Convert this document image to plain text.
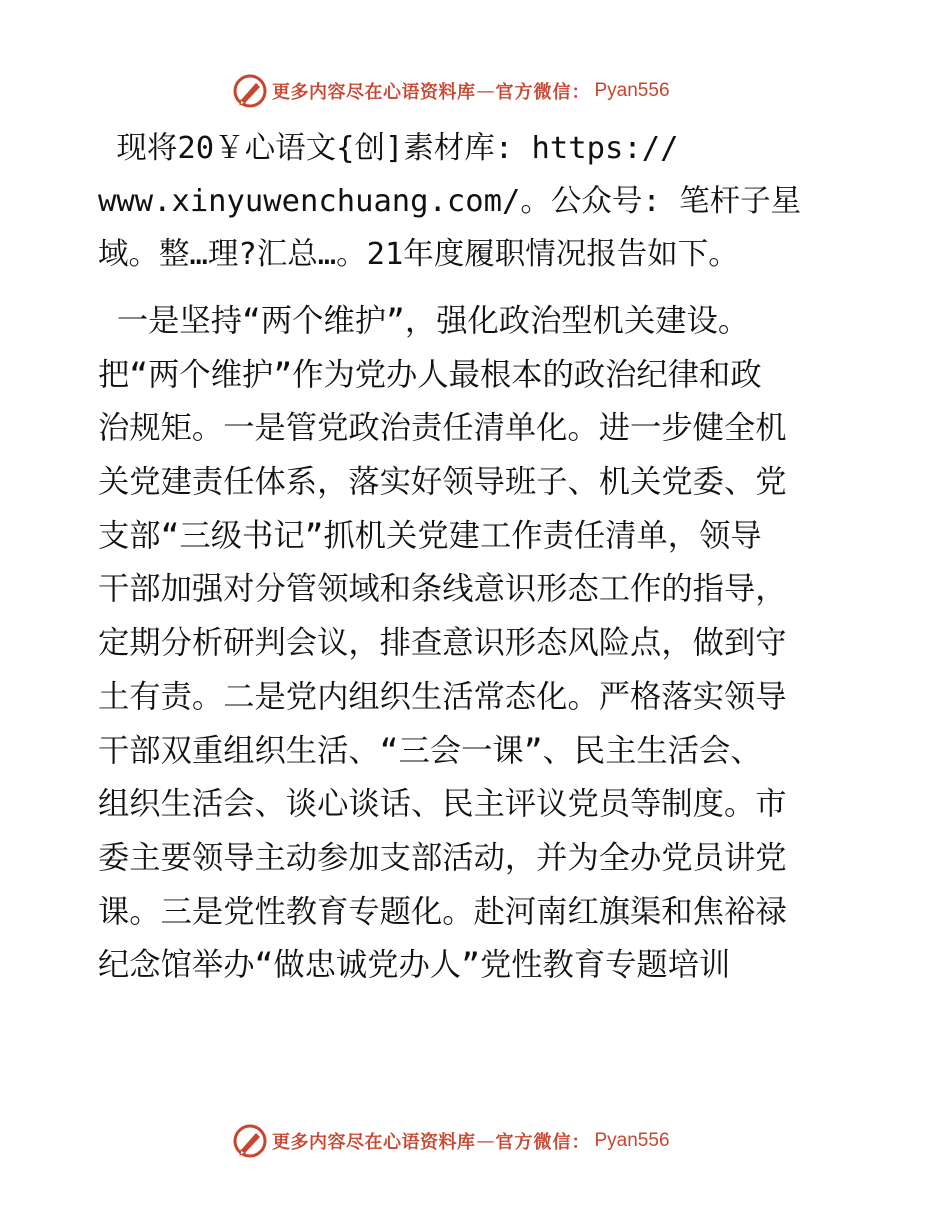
更多内容尽在心语资料库 — 官方微信： Pyan556
现将20￥心语文{创]素材库: https://
www.xinyuwenchuang.com/。公众号: 笔杆子星
域。整…理?汇总…。21年度履职情况报告如下。
一是坚持“两个维护”，强化政治型机关建设。
把“两个维护”作为党办人最根本的政治纪律和政
治规矩。一是管党政治责任清单化。进一步健全机
关党建责任体系，落实好领导班子、机关党委、党
支部“三级书记”抓机关党建工作责任清单，领导
干部加强对分管领域和条线意识形态工作的指导，
定期分析研判会议，排查意识形态风险点，做到守
土有责。二是党内组织生活常态化。严格落实领导
干部双重组织生活、“三会一课”、民主生活会、
组织生活会、谈心谈话、民主评议党员等制度。市
委主要领导主动参加支部活动，并为全办党员讲党
课。三是党性教育专题化。赴河南红旗渠和焦裕禄
纪念馆举办“做忠诚党办人”党性教育专题培训
更多内容尽在心语资料库 — 官方微信： Pyan556
